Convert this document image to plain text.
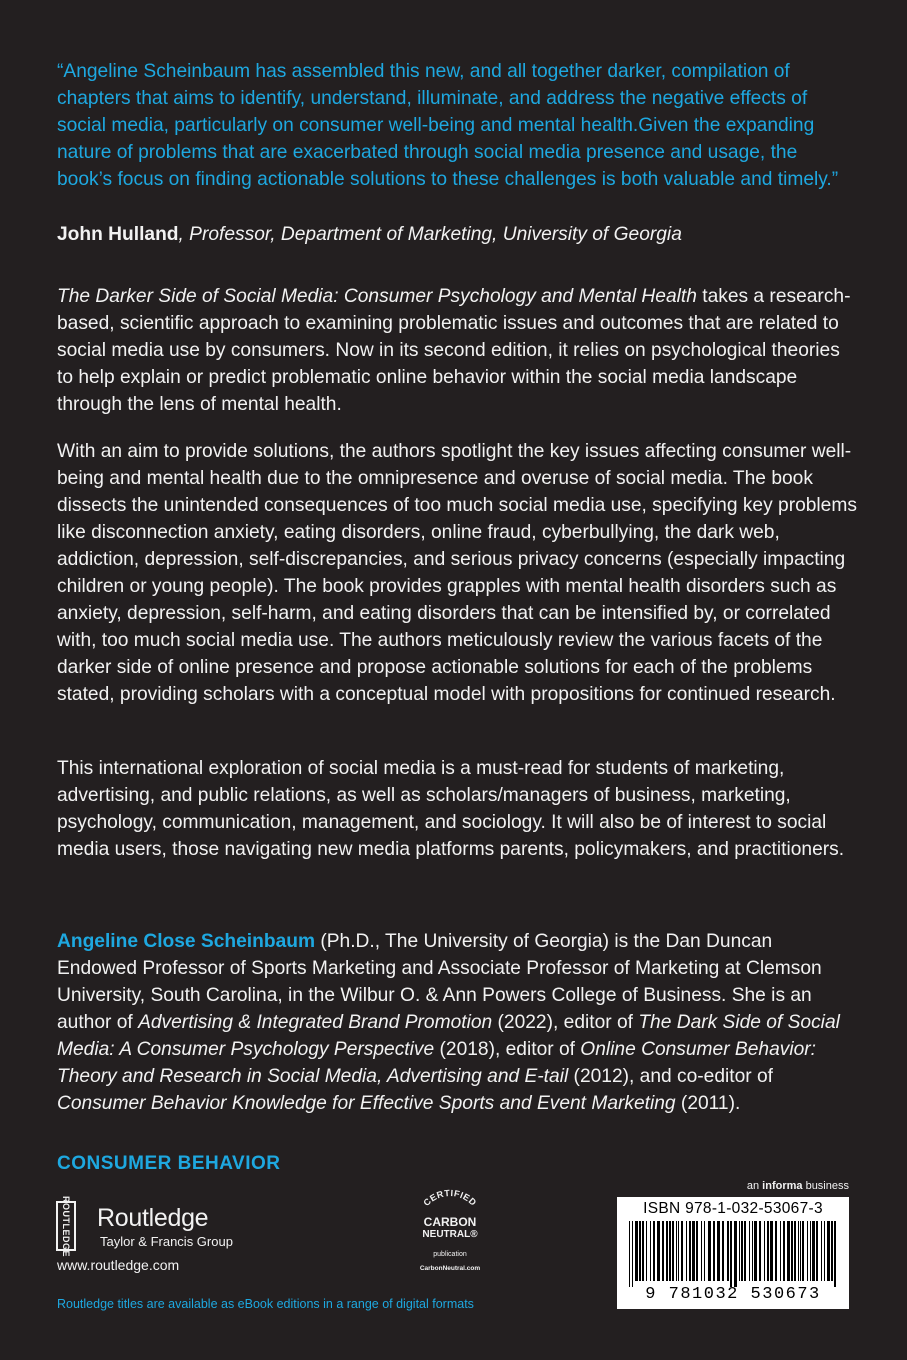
“Angeline Scheinbaum has assembled this new, and all together darker, compilation of chapters that aims to identify, understand, illuminate, and address the negative effects of social media, particularly on consumer well-being and mental health.Given the expanding nature of problems that are exacerbated through social media presence and usage, the book’s focus on finding actionable solutions to these challenges is both valuable and timely.”
John Hulland, Professor, Department of Marketing, University of Georgia
The Darker Side of Social Media: Consumer Psychology and Mental Health takes a research-based, scientific approach to examining problematic issues and outcomes that are related to social media use by consumers. Now in its second edition, it relies on psychological theories to help explain or predict problematic online behavior within the social media landscape through the lens of mental health.
With an aim to provide solutions, the authors spotlight the key issues affecting consumer well-being and mental health due to the omnipresence and overuse of social media. The book dissects the unintended consequences of too much social media use, specifying key problems like disconnection anxiety, eating disorders, online fraud, cyberbullying, the dark web, addiction, depression, self-discrepancies, and serious privacy concerns (especially impacting children or young people). The book provides grapples with mental health disorders such as anxiety, depression, self-harm, and eating disorders that can be intensified by, or correlated with, too much social media use. The authors meticulously review the various facets of the darker side of online presence and propose actionable solutions for each of the problems stated, providing scholars with a conceptual model with propositions for continued research.
This international exploration of social media is a must-read for students of marketing, advertising, and public relations, as well as scholars/managers of business, marketing, psychology, communication, management, and sociology. It will also be of interest to social media users, those navigating new media platforms parents, policymakers, and practitioners.
Angeline Close Scheinbaum (Ph.D., The University of Georgia) is the Dan Duncan Endowed Professor of Sports Marketing and Associate Professor of Marketing at Clemson University, South Carolina, in the Wilbur O. & Ann Powers College of Business. She is an author of Advertising & Integrated Brand Promotion (2022), editor of The Dark Side of Social Media: A Consumer Psychology Perspective (2018), editor of Online Consumer Behavior: Theory and Research in Social Media, Advertising and E-tail (2012), and co-editor of Consumer Behavior Knowledge for Effective Sports and Event Marketing (2011).
CONSUMER BEHAVIOR
ROUTLEDGE Routledge
Taylor & Francis Group
www.routledge.com
Routledge titles are available as eBook editions in a range of digital formats
CERTIFIED
CARBON
NEUTRAL®
publication
CarbonNeutral.com
an informa business
ISBN 978-1-032-53067-3
9 781032 530673
